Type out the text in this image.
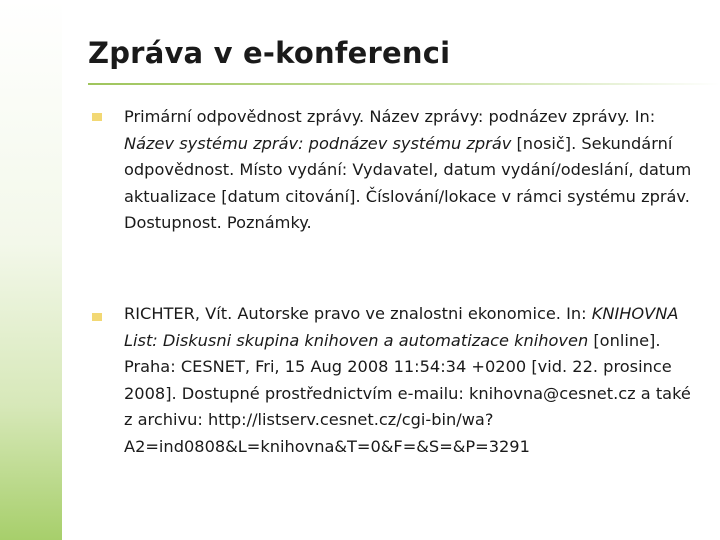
Zpráva v e-konferenci
Primární odpovědnost zprávy. Název zprávy: podnázev zprávy. In: Název systému zpráv: podnázev systému zpráv [nosič]. Sekundární odpovědnost. Místo vydání: Vydavatel, datum vydání/odeslání, datum aktualizace [datum citování]. Číslování/lokace v rámci systému zpráv. Dostupnost. Poznámky.
RICHTER, Vít. Autorske pravo ve znalostni ekonomice. In: KNIHOVNA List: Diskusni skupina knihoven a automatizace knihoven [online]. Praha: CESNET, Fri, 15 Aug 2008 11:54:34 +0200 [vid. 22. prosince 2008]. Dostupné prostřednictvím e-mailu: knihovna@cesnet.cz a také z archivu: http://listserv.cesnet.cz/cgi-bin/wa?A2=ind0808&L=knihovna&T=0&F=&S=&P=3291
